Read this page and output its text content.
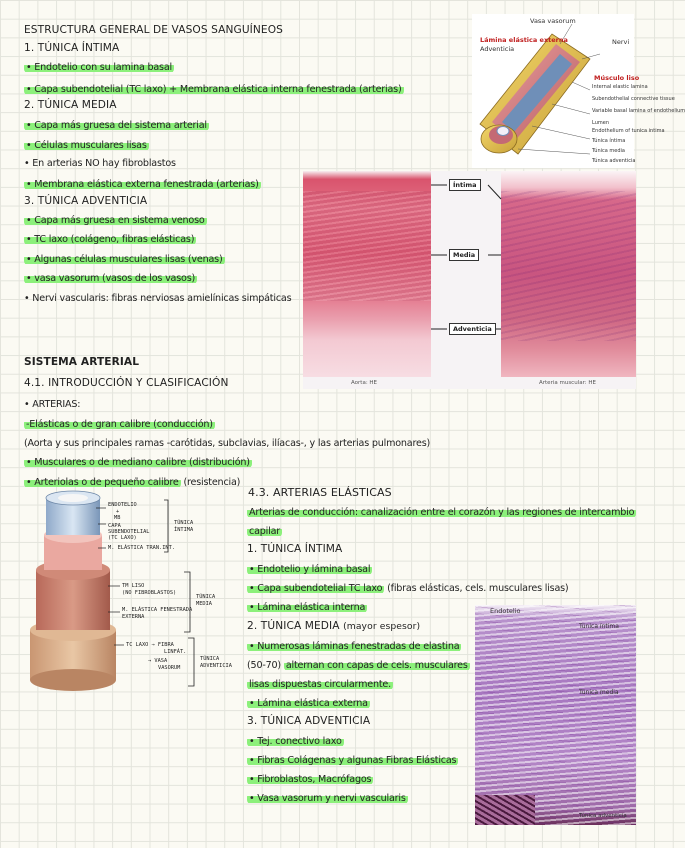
ESTRUCTURA GENERAL DE VASOS SANGUÍNEOS
1. TÚNICA ÍNTIMA
• Endotelio con su lamina basal
• Capa subendotelial (TC laxo) + Membrana elástica interna fenestrada (arterias)
2. TÚNICA MEDIA
• Capa más gruesa del sistema arterial
• Células musculares lisas
• En arterias NO hay fibroblastos
• Membrana elástica externa fenestrada (arterias)
3. TÚNICA ADVENTICIA
• Capa más gruesa en sistema venoso
• TC laxo (colágeno, fibras elásticas)
• Algunas células musculares lisas (venas)
• vasa vasorum (vasos de los vasos)
• Nervi vascularis: fibras nerviosas amielínicas simpáticas
Vasa vasorum
Lámina elástica externa
Adventicia
Nervi
Músculo liso
Internal elastic lamina
Subendothelial connective tissue
Variable basal lamina of endothelium
Lumen
Endothelium of tunica intima
Túnica íntima
Túnica media
Túnica adventicia
Íntima
Media
Adventicia
Aorta: HE	Arteria muscular: HE
SISTEMA ARTERIAL
4.1. INTRODUCCIÓN Y CLASIFICACIÓN
• ARTERIAS:
-Elásticas o de gran calibre (conducción)
(Aorta y sus principales ramas -carótidas, subclavias, ilíacas-, y las arterias pulmonares)
• Musculares o de mediano calibre (distribución)
• Arteriolas o de pequeño calibre (resistencia)
ENDOTELIO
+
MB
CAPA
SUBENDOTELIAL
(TC LAXO)
M. ELÁSTICA TRAN.INT.
TÚNICA
ÍNTIMA
TM LISO
(NO FIBROBLASTOS)
M. ELÁSTICA FENESTRADA
EXTERNA
TÚNICA
MEDIA
TC LAXO → FIBRA
LINFÁT.
→ VASA
VASORUM
TÚNICA
ADVENTICIA
4.3. ARTERIAS ELÁSTICAS
Arterias de conducción: canalización entre el corazón y las regiones de intercambio
capilar
1. TÚNICA ÍNTIMA
• Endotelio y lámina basal
• Capa subendotelial TC laxo (fibras elásticas, cels. musculares lisas)
• Lámina elástica interna
2. TÚNICA MEDIA (mayor espesor)
• Numerosas láminas fenestradas de elastina
(50-70) alternan con capas de cels. musculares
lisas dispuestas circularmente.
• Lámina elástica externa
3. TÚNICA ADVENTICIA
• Tej. conectivo laxo
• Fibras Colágenas y algunas Fibras Elásticas
• Fibroblastos, Macrófagos
• Vasa vasorum y nervi vascularis
Endotelio
Túnica íntima
Túnica media
Túnica adventicia
